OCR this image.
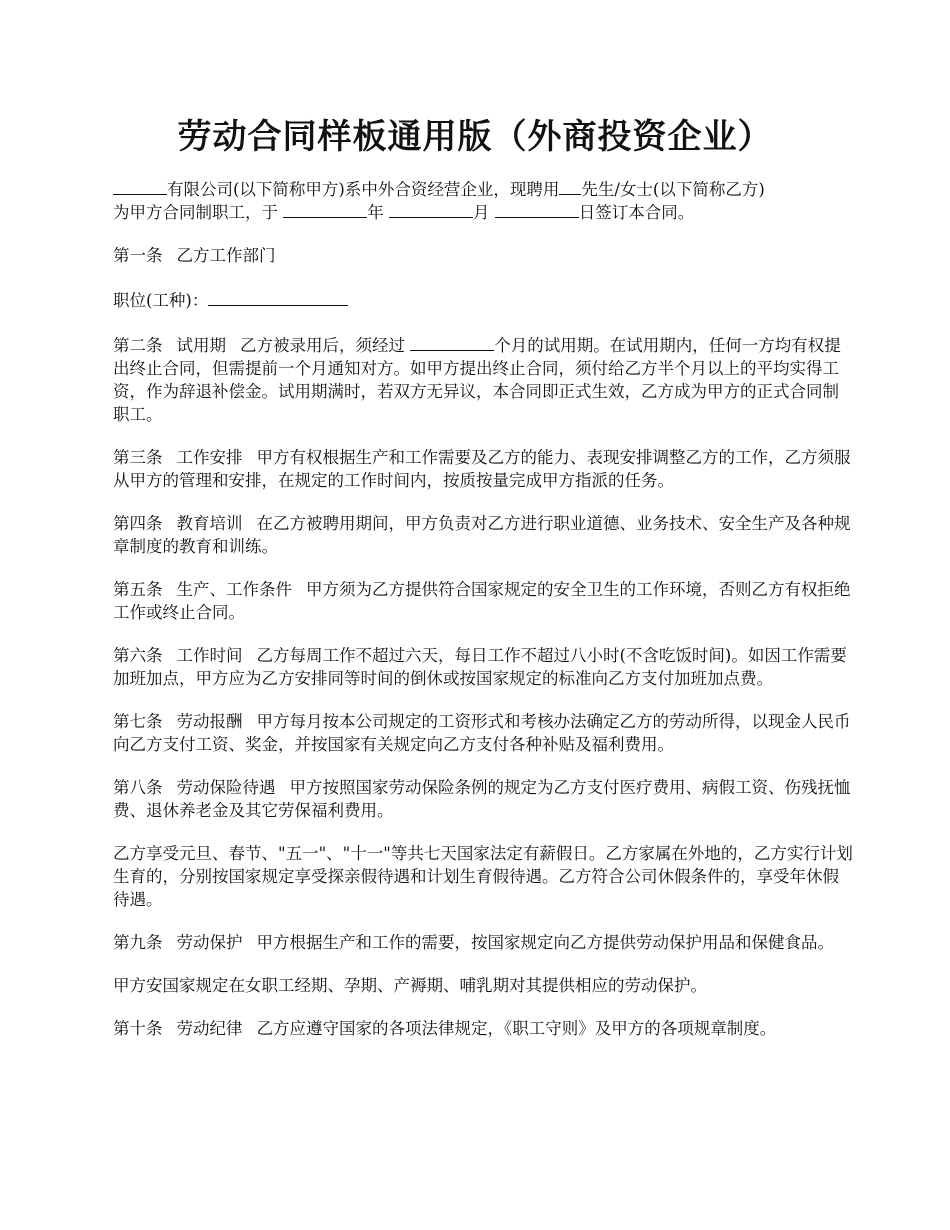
劳动合同样板通用版（外商投资企业）

有限公司(以下简称甲方)系中外合资经营企业，现聘用 先生/女士(以下简称乙方)
为甲方合同制职工，于	年	月	日签订本合同。

第一条 乙方工作部门

职位(工种)：

第二条 试用期 乙方被录用后，须经过	个月的试用期。在试用期内，任何一方均有权提出终止合同，但需提前一个月通知对方。如甲方提出终止合同，须付给乙方半个月以上的平均实得工资，作为辞退补偿金。试用期满时，若双方无异议，本合同即正式生效，乙方成为甲方的正式合同制职工。

第三条 工作安排 甲方有权根据生产和工作需要及乙方的能力、表现安排调整乙方的工作，乙方须服从甲方的管理和安排，在规定的工作时间内，按质按量完成甲方指派的任务。

第四条 教育培训 在乙方被聘用期间，甲方负责对乙方进行职业道德、业务技术、安全生产及各种规章制度的教育和训练。

第五条 生产、工作条件 甲方须为乙方提供符合国家规定的安全卫生的工作环境，否则乙方有权拒绝工作或终止合同。

第六条 工作时间 乙方每周工作不超过六天，每日工作不超过八小时(不含吃饭时间)。如因工作需要加班加点，甲方应为乙方安排同等时间的倒休或按国家规定的标准向乙方支付加班加点费。

第七条 劳动报酬 甲方每月按本公司规定的工资形式和考核办法确定乙方的劳动所得，以现金人民币向乙方支付工资、奖金，并按国家有关规定向乙方支付各种补贴及福利费用。

第八条 劳动保险待遇 甲方按照国家劳动保险条例的规定为乙方支付医疗费用、病假工资、伤残抚恤费、退休养老金及其它劳保福利费用。

乙方享受元旦、春节、"五一"、"十一"等共七天国家法定有薪假日。乙方家属在外地的，乙方实行计划生育的，分别按国家规定享受探亲假待遇和计划生育假待遇。乙方符合公司休假条件的，享受年休假待遇。

第九条 劳动保护 甲方根据生产和工作的需要，按国家规定向乙方提供劳动保护用品和保健食品。

甲方安国家规定在女职工经期、孕期、产褥期、哺乳期对其提供相应的劳动保护。

第十条 劳动纪律 乙方应遵守国家的各项法律规定，《职工守则》及甲方的各项规章制度。
